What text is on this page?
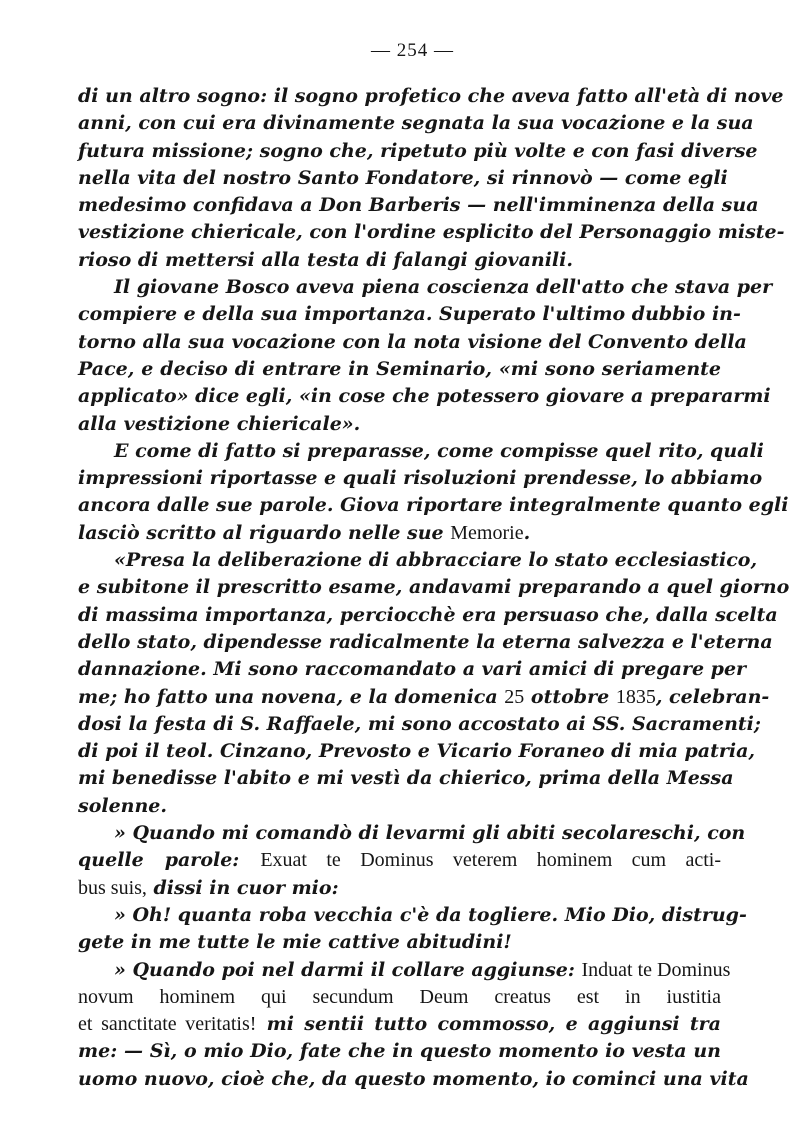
— 254 —
di un altro sogno: il sogno profetico che aveva fatto all'età di nove
anni, con cui era divinamente segnata la sua vocazione e la sua
futura missione; sogno che, ripetuto più volte e con fasi diverse
nella vita del nostro Santo Fondatore, si rinnovò — come egli
medesimo confidava a Don Barberis — nell'imminenza della sua
vestizione chiericale, con l'ordine esplicito del Personaggio miste-
rioso di mettersi alla testa di falangi giovanili.
Il giovane Bosco aveva piena coscienza dell'atto che stava per
compiere e della sua importanza. Superato l'ultimo dubbio in-
torno alla sua vocazione con la nota visione del Convento della
Pace, e deciso di entrare in Seminario, «mi sono seriamente
applicato» dice egli, «in cose che potessero giovare a prepararmi
alla vestizione chiericale».
E come di fatto si preparasse, come compisse quel rito, quali
impressioni riportasse e quali risoluzioni prendesse, lo abbiamo
ancora dalle sue parole. Giova riportare integralmente quanto egli
lasciò scritto al riguardo nelle sue Memorie.
«Presa la deliberazione di abbracciare lo stato ecclesiastico,
e subitone il prescritto esame, andavami preparando a quel giorno
di massima importanza, perciocchè era persuaso che, dalla scelta
dello stato, dipendesse radicalmente la eterna salvezza e l'eterna
dannazione. Mi sono raccomandato a vari amici di pregare per
me; ho fatto una novena, e la domenica 25 ottobre 1835, celebran-
dosi la festa di S. Raffaele, mi sono accostato ai SS. Sacramenti;
di poi il teol. Cinzano, Prevosto e Vicario Foraneo di mia patria,
mi benedisse l'abito e mi vestì da chierico, prima della Messa
solenne.
» Quando mi comandò di levarmi gli abiti secolareschi, con
quelle parole: Exuat te Dominus veterem hominem cum acti-
bus suis, dissi in cuor mio:
» Oh! quanta roba vecchia c'è da togliere. Mio Dio, distrug-
gete in me tutte le mie cattive abitudini!
» Quando poi nel darmi il collare aggiunse: Induat te Dominus
novum hominem qui secundum Deum creatus est in iustitia
et sanctitate veritatis! mi sentii tutto commosso, e aggiunsi tra
me: — Sì, o mio Dio, fate che in questo momento io vesta un
uomo nuovo, cioè che, da questo momento, io cominci una vita
